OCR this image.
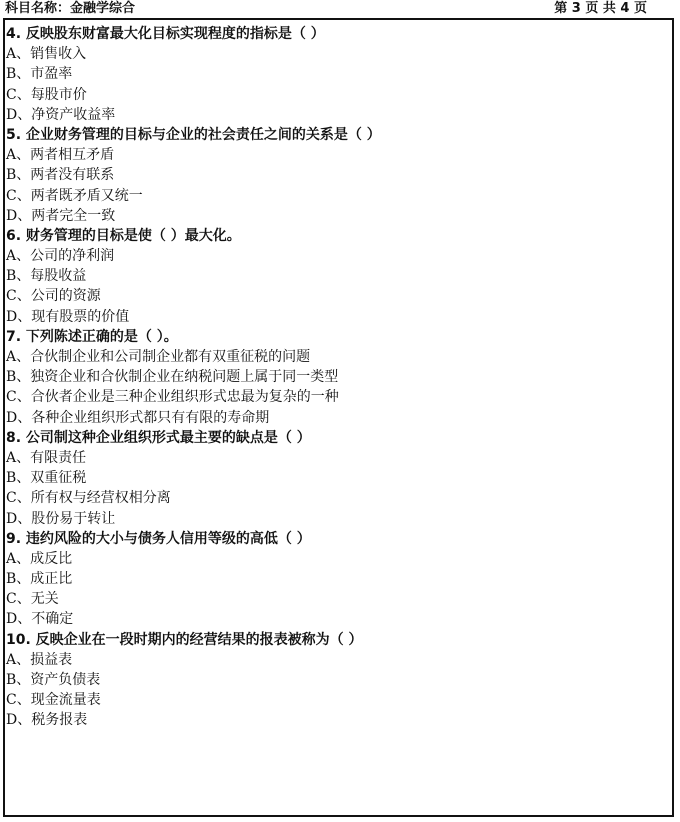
科目名称：金融学综合	第 3 页 共 4 页
4. 反映股东财富最大化目标实现程度的指标是（ ）
A、销售收入
B、市盈率
C、每股市价
D、净资产收益率
5. 企业财务管理的目标与企业的社会责任之间的关系是（ ）
A、两者相互矛盾
B、两者没有联系
C、两者既矛盾又统一
D、两者完全一致
6. 财务管理的目标是使（ ）最大化。
A、公司的净利润
B、每股收益
C、公司的资源
D、现有股票的价值
7. 下列陈述正确的是（ ）。
A、合伙制企业和公司制企业都有双重征税的问题
B、独资企业和合伙制企业在纳税问题上属于同一类型
C、合伙者企业是三种企业组织形式忠最为复杂的一种
D、各种企业组织形式都只有有限的寿命期
8. 公司制这种企业组织形式最主要的缺点是（ ）
A、有限责任
B、双重征税
C、所有权与经营权相分离
D、股份易于转让
9. 违约风险的大小与债务人信用等级的高低（ ）
A、成反比
B、成正比
C、无关
D、不确定
10. 反映企业在一段时期内的经营结果的报表被称为（ ）
A、损益表
B、资产负债表
C、现金流量表
D、税务报表
